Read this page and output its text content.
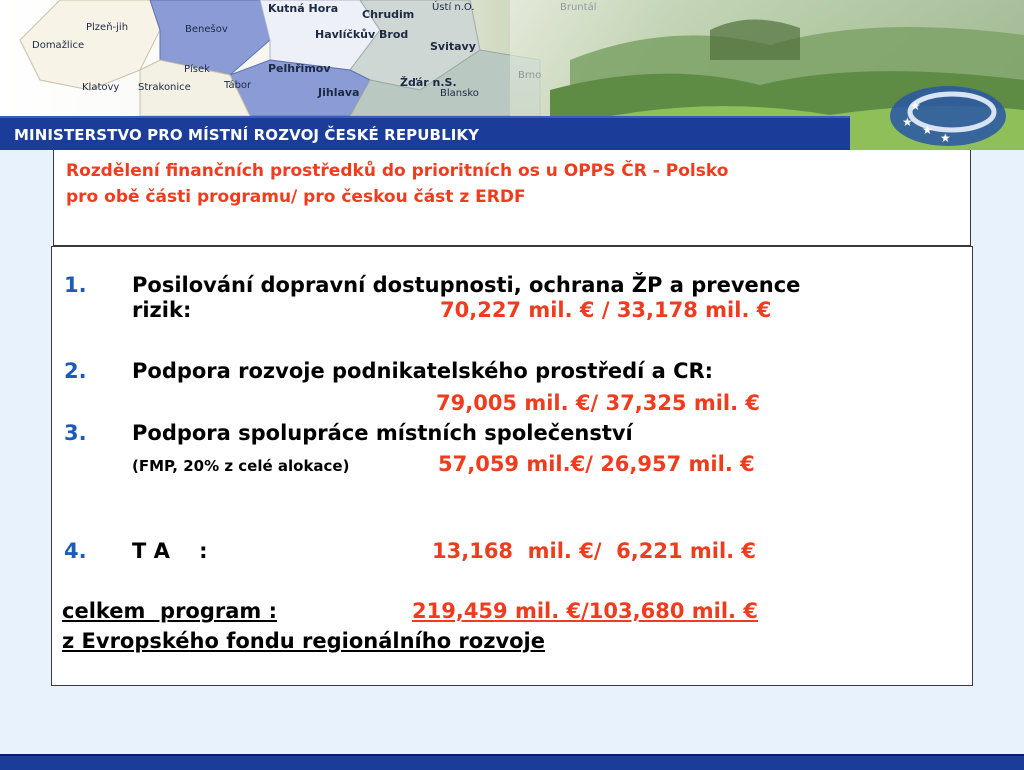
Plzeň-jih	Benešov
Kutná Hora Chrudim
Domažlice
Havlíčkův Brod
Svitavy
Písek	Pelhřimov
Klatovy Strakonice	Tábor
Jihlava
Žďár n.S.
Blansko
Ústí n.O.
MINISTERSTVO PRO MÍSTNÍ ROZVOJ ČESKÉ REPUBLIKY
★
★
★
★
Rozdělení finančních prostředků do prioritních os u OPPS ČR - Polsko
pro obě části programu/ pro českou část z ERDF
1. Posilování dopravní dostupnosti, ochrana ŽP a prevence
rizik:	70,227 mil. € / 33,178 mil. €
2. Podpora rozvoje podnikatelského prostředí a CR:
79,005 mil. €/ 37,325 mil. €
3. Podpora spolupráce místních společenství
(FMP, 20% z celé alokace)	57,059 mil.€/ 26,957 mil. €
4. T A    :	13,168  mil. €/  6,221 mil. €
celkem  program :	219,459 mil. €/103,680 mil. €
z Evropského fondu regionálního rozvoje
